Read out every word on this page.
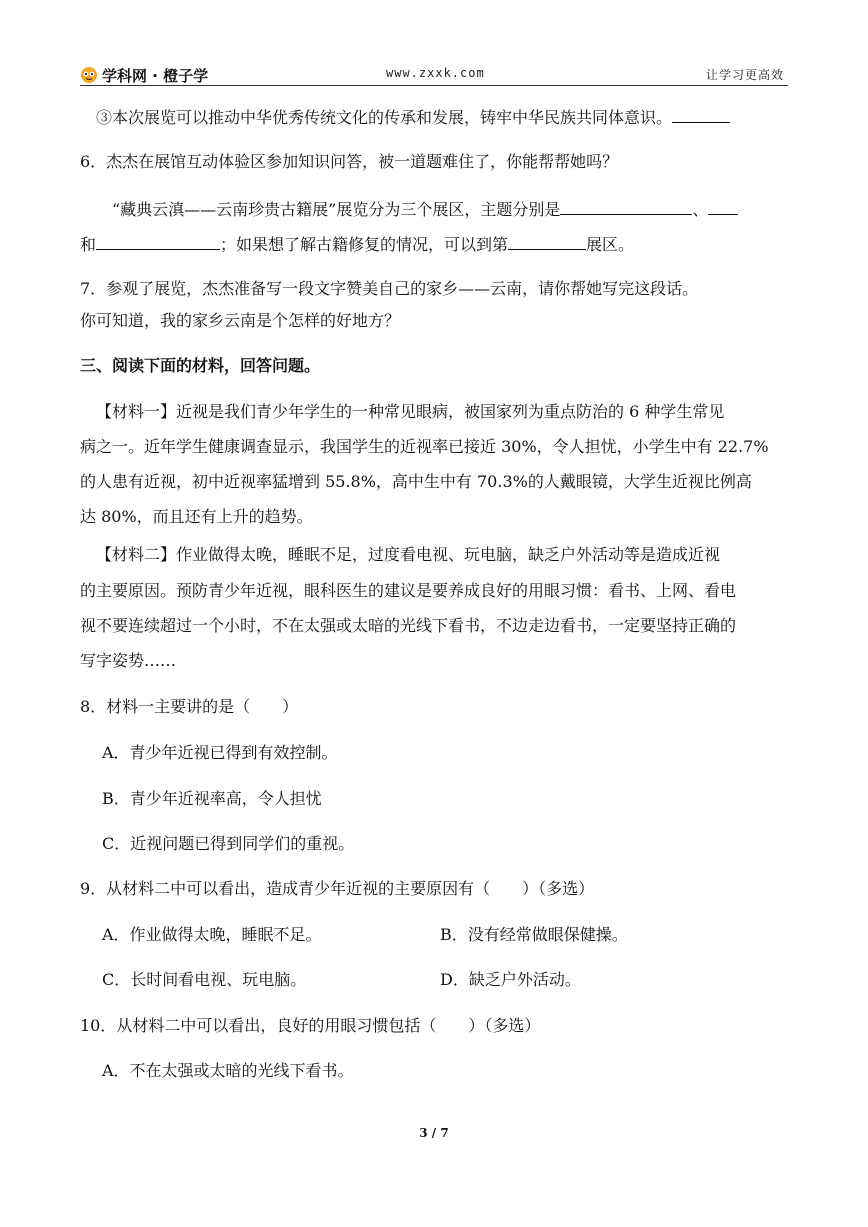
学科网 · 橙子学	www.zxxk.com	让学习更高效
③本次展览可以推动中华优秀传统文化的传承和发展，铸牢中华民族共同体意识。
6．杰杰在展馆互动体验区参加知识问答，被一道题难住了，你能帮帮她吗？
“藏典云滇——云南珍贵古籍展”展览分为三个展区，主题分别是	、
和	；如果想了解古籍修复的情况，可以到第	展区。
7．参观了展览，杰杰准备写一段文字赞美自己的家乡——云南，请你帮她写完这段话。
你可知道，我的家乡云南是个怎样的好地方？
三、阅读下面的材料，回答问题。
【材料一】近视是我们青少年学生的一种常见眼病，被国家列为重点防治的 6 种学生常见
病之一。近年学生健康调查显示，我国学生的近视率已接近 30%，令人担忧，小学生中有 22.7%
的人患有近视，初中近视率猛增到 55.8%，高中生中有 70.3%的人戴眼镜，大学生近视比例高
达 80%，而且还有上升的趋势。
【材料二】作业做得太晚，睡眠不足，过度看电视、玩电脑，缺乏户外活动等是造成近视
的主要原因。预防青少年近视，眼科医生的建议是要养成良好的用眼习惯：看书、上网、看电
视不要连续超过一个小时，不在太强或太暗的光线下看书，不边走边看书，一定要坚持正确的
写字姿势……
8．材料一主要讲的是（　　）
A．青少年近视已得到有效控制。
B．青少年近视率高，令人担忧
C．近视问题已得到同学们的重视。
9．从材料二中可以看出，造成青少年近视的主要原因有（　　）（多选）
A．作业做得太晚，睡眠不足。	B．没有经常做眼保健操。
C．长时间看电视、玩电脑。	D．缺乏户外活动。
10．从材料二中可以看出，良好的用眼习惯包括（　　）（多选）
A．不在太强或太暗的光线下看书。
3 / 7
